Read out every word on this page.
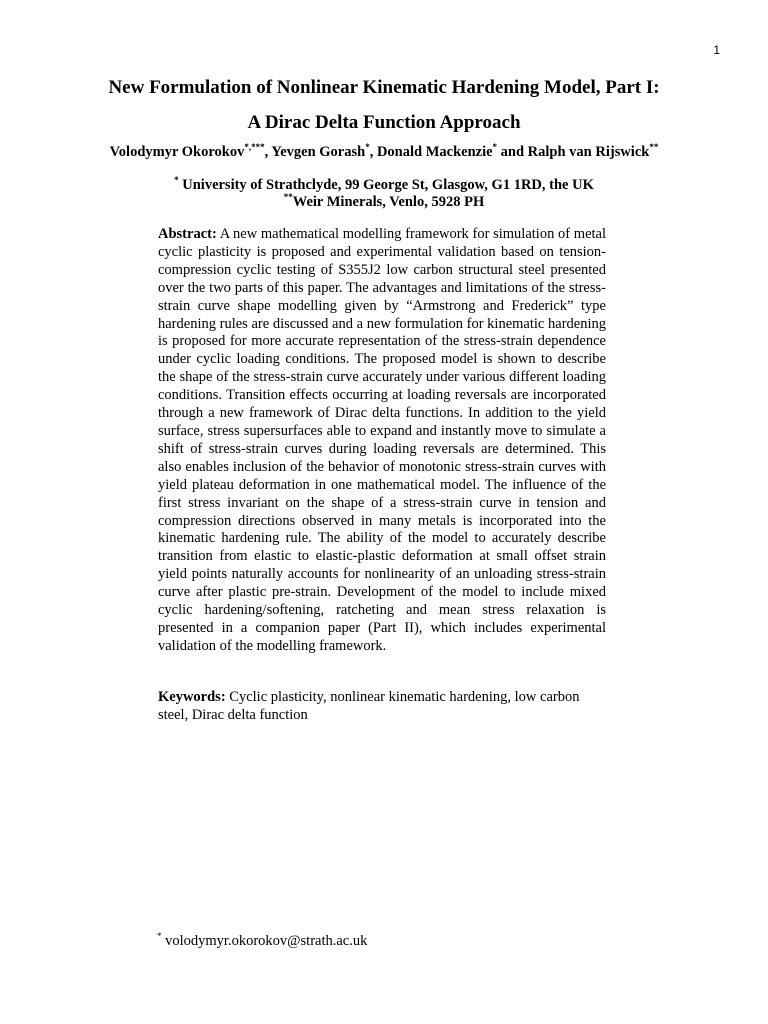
1
New Formulation of Nonlinear Kinematic Hardening Model, Part I:
A Dirac Delta Function Approach
Volodymyr Okorokov*,***, Yevgen Gorash*, Donald Mackenzie* and Ralph van Rijswick**
* University of Strathclyde, 99 George St, Glasgow, G1 1RD, the UK
**Weir Minerals, Venlo, 5928 PH

Abstract: A new mathematical modelling framework for simulation of metal cyclic plasticity is proposed and experimental validation based on tension-compression cyclic testing of S355J2 low carbon structural steel presented over the two parts of this paper. The advantages and limitations of the stress-strain curve shape modelling given by “Armstrong and Frederick” type hardening rules are discussed and a new formulation for kinematic hardening is proposed for more accurate representation of the stress-strain dependence under cyclic loading conditions. The proposed model is shown to describe the shape of the stress-strain curve accurately under various different loading conditions. Transition effects occurring at loading reversals are incorporated through a new framework of Dirac delta functions. In addition to the yield surface, stress supersurfaces able to expand and instantly move to simulate a shift of stress-strain curves during loading reversals are determined. This also enables inclusion of the behavior of monotonic stress-strain curves with yield plateau deformation in one mathematical model. The influence of the first stress invariant on the shape of a stress-strain curve in tension and compression directions observed in many metals is incorporated into the kinematic hardening rule. The ability of the model to accurately describe transition from elastic to elastic-plastic deformation at small offset strain yield points naturally accounts for nonlinearity of an unloading stress-strain curve after plastic pre-strain. Development of the model to include mixed cyclic hardening/softening, ratcheting and mean stress relaxation is presented in a companion paper (Part II), which includes experimental validation of the modelling framework.

Keywords: Cyclic plasticity, nonlinear kinematic hardening, low carbon steel, Dirac delta function

* volodymyr.okorokov@strath.ac.uk
